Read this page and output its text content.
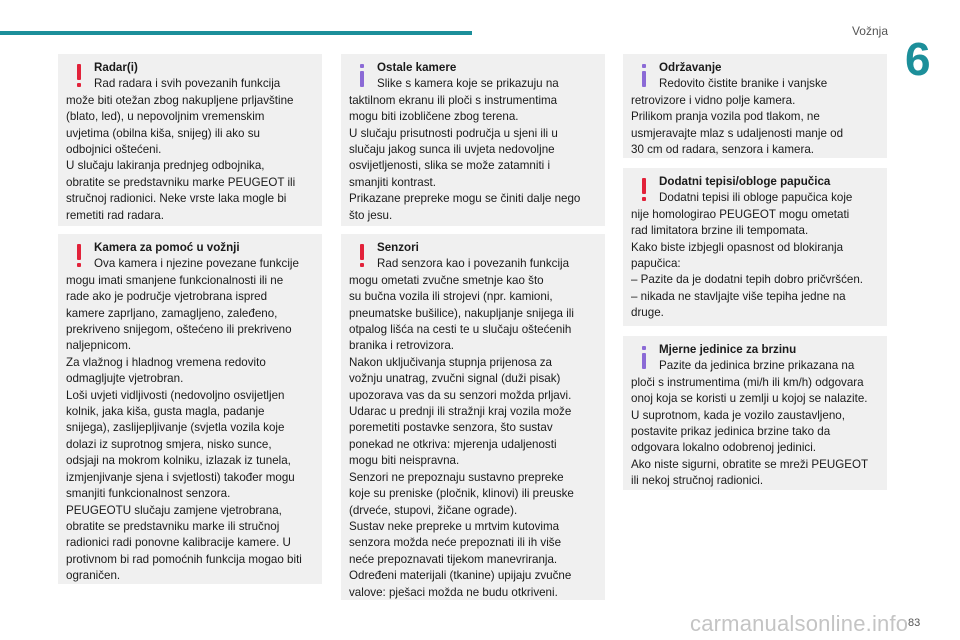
Vožnja
6

Radar(i)
Rad radara i svih povezanih funkcija

može biti otežan zbog nakupljene prljavštine
(blato, led), u nepovoljnim vremenskim
uvjetima (obilna kiša, snijeg) ili ako su
odbojnici oštećeni.
U slučaju lakiranja prednjeg odbojnika,
obratite se predstavniku marke PEUGEOT ili
stručnoj radionici. Neke vrste laka mogle bi
remetiti rad radara.

Kamera za pomoć u vožnji
Ova kamera i njezine povezane funkcije

mogu imati smanjene funkcionalnosti ili ne
rade ako je područje vjetrobrana ispred
kamere zaprljano, zamagljeno, zaleđeno,
prekriveno snijegom, oštećeno ili prekriveno
naljepnicom.
Za vlažnog i hladnog vremena redovito
odmagljujte vjetrobran.
Loši uvjeti vidljivosti (nedovoljno osvijetljen
kolnik, jaka kiša, gusta magla, padanje
snijega), zaslijepljivanje (svjetla vozila koje
dolazi iz suprotnog smjera, nisko sunce,
odsjaji na mokrom kolniku, izlazak iz tunela,
izmjenjivanje sjena i svjetlosti) također mogu
smanjiti funkcionalnost senzora.
PEUGEOTU slučaju zamjene vjetrobrana,
obratite se predstavniku marke ili stručnoj
radionici radi ponovne kalibracije kamere. U
protivnom bi rad pomoćnih funkcija mogao biti
ograničen.

Ostale kamere
Slike s kamera koje se prikazuju na

taktilnom ekranu ili ploči s instrumentima
mogu biti izobličene zbog terena.
U slučaju prisutnosti područja u sjeni ili u
slučaju jakog sunca ili uvjeta nedovoljne
osvijetljenosti, slika se može zatamniti i
smanjiti kontrast.
Prikazane prepreke mogu se činiti dalje nego
što jesu.

Senzori
Rad senzora kao i povezanih funkcija

mogu ometati zvučne smetnje kao što
su bučna vozila ili strojevi (npr. kamioni,
pneumatske bušilice), nakupljanje snijega ili
otpalog lišća na cesti te u slučaju oštećenih
branika i retrovizora.
Nakon uključivanja stupnja prijenosa za
vožnju unatrag, zvučni signal (duži pisak)
upozorava vas da su senzori možda prljavi.
Udarac u prednji ili stražnji kraj vozila može
poremetiti postavke senzora, što sustav
ponekad ne otkriva: mjerenja udaljenosti
mogu biti neispravna.
Senzori ne prepoznaju sustavno prepreke
koje su preniske (pločnik, klinovi) ili preuske
(drveće, stupovi, žičane ograde).
Sustav neke prepreke u mrtvim kutovima
senzora možda neće prepoznati ili ih više
neće prepoznavati tijekom manevriranja.
Određeni materijali (tkanine) upijaju zvučne
valove: pješaci možda ne budu otkriveni.

Održavanje
Redovito čistite branike i vanjske

retrovizore i vidno polje kamera.
Prilikom pranja vozila pod tlakom, ne
usmjeravajte mlaz s udaljenosti manje od
30 cm od radara, senzora i kamera.

Dodatni tepisi/obloge papučica
Dodatni tepisi ili obloge papučica koje

nije homologirao PEUGEOT mogu ometati
rad limitatora brzine ili tempomata.
Kako biste izbjegli opasnost od blokiranja
papučica:
– Pazite da je dodatni tepih dobro pričvršćen.
– nikada ne stavljajte više tepiha jedne na
druge.

Mjerne jedinice za brzinu
Pazite da jedinica brzine prikazana na

ploči s instrumentima (mi/h ili km/h) odgovara
onoj koja se koristi u zemlji u kojoj se nalazite.
U suprotnom, kada je vozilo zaustavljeno,
postavite prikaz jedinica brzine tako da
odgovara lokalno odobrenoj jedinici.
Ako niste sigurni, obratite se mreži PEUGEOT
ili nekoj stručnoj radionici.

carmanualsonline.info 83
